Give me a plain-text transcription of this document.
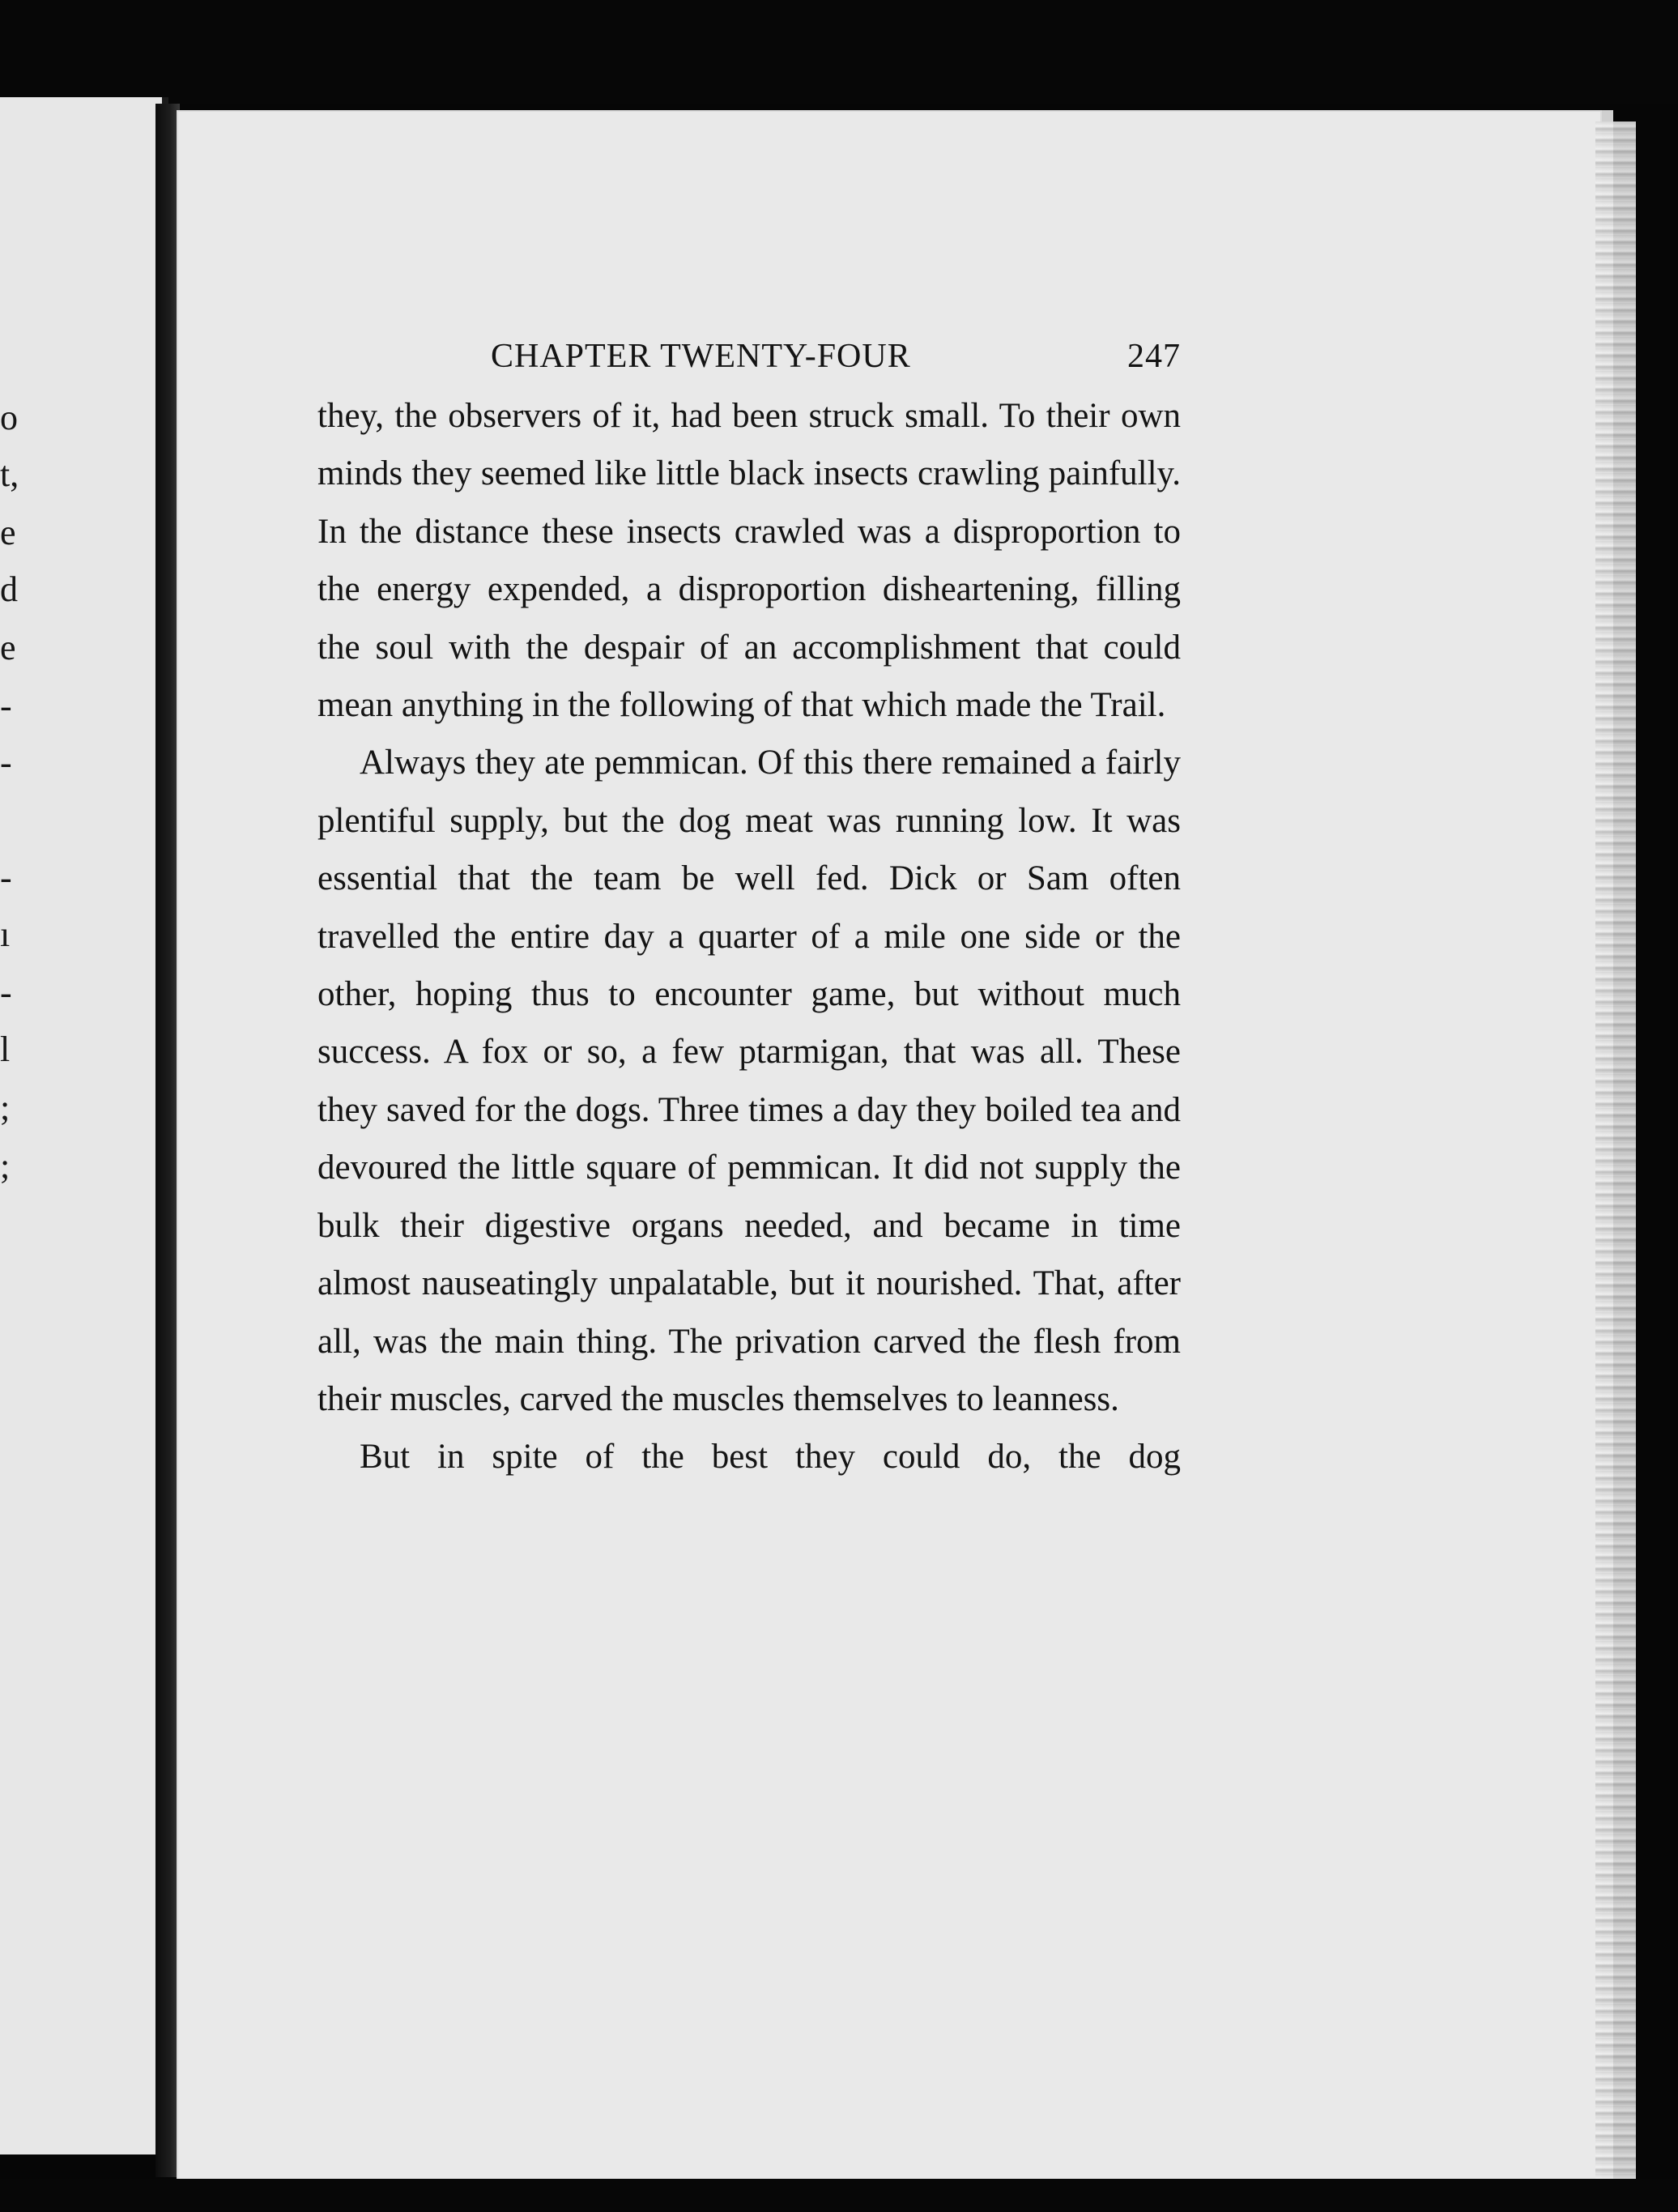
o
t,
e
d
e
-
-
-
ı
-
l
;
;
CHAPTER TWENTY-FOUR	247

they, the observers of it, had been struck small. To their own minds they seemed like little black insects crawling painfully. In the distance these insects crawled was a disproportion to the energy expended, a disproportion disheartening, filling the soul with the despair of an accomplishment that could mean anything in the following of that which made the Trail.

Always they ate pemmican. Of this there remained a fairly plentiful supply, but the dog meat was running low. It was essential that the team be well fed. Dick or Sam often travelled the entire day a quarter of a mile one side or the other, hoping thus to encounter game, but without much success. A fox or so, a few ptarmigan, that was all. These they saved for the dogs. Three times a day they boiled tea and devoured the little square of pemmican. It did not supply the bulk their digestive organs needed, and became in time almost nauseatingly unpalatable, but it nourished. That, after all, was the main thing. The privation carved the flesh from their muscles, carved the muscles themselves to leanness.

But in spite of the best they could do, the dog
